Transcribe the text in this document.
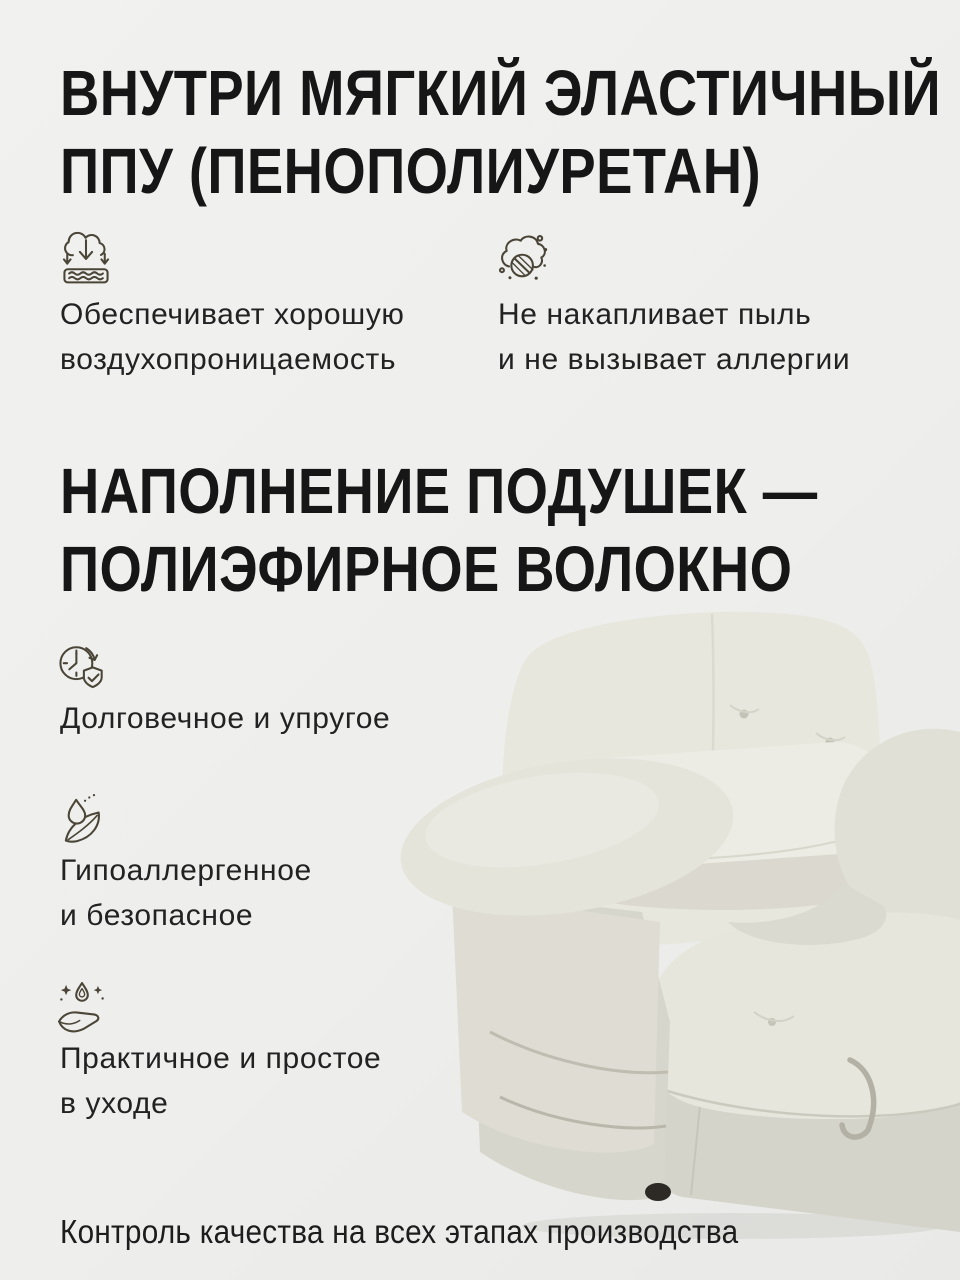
ВНУТРИ МЯГКИЙ ЭЛАСТИЧНЫЙ
ППУ (ПЕНОПОЛИУРЕТАН)

Обеспечивает хорошую
воздухопроницаемость

Не накапливает пыль
и не вызывает аллергии

НАПОЛНЕНИЕ ПОДУШЕК —
ПОЛИЭФИРНОЕ ВОЛОКНО

Долговечное и упругое

Гипоаллергенное
и безопасное

Практичное и простое
в уходе

Контроль качества на всех этапах производства
